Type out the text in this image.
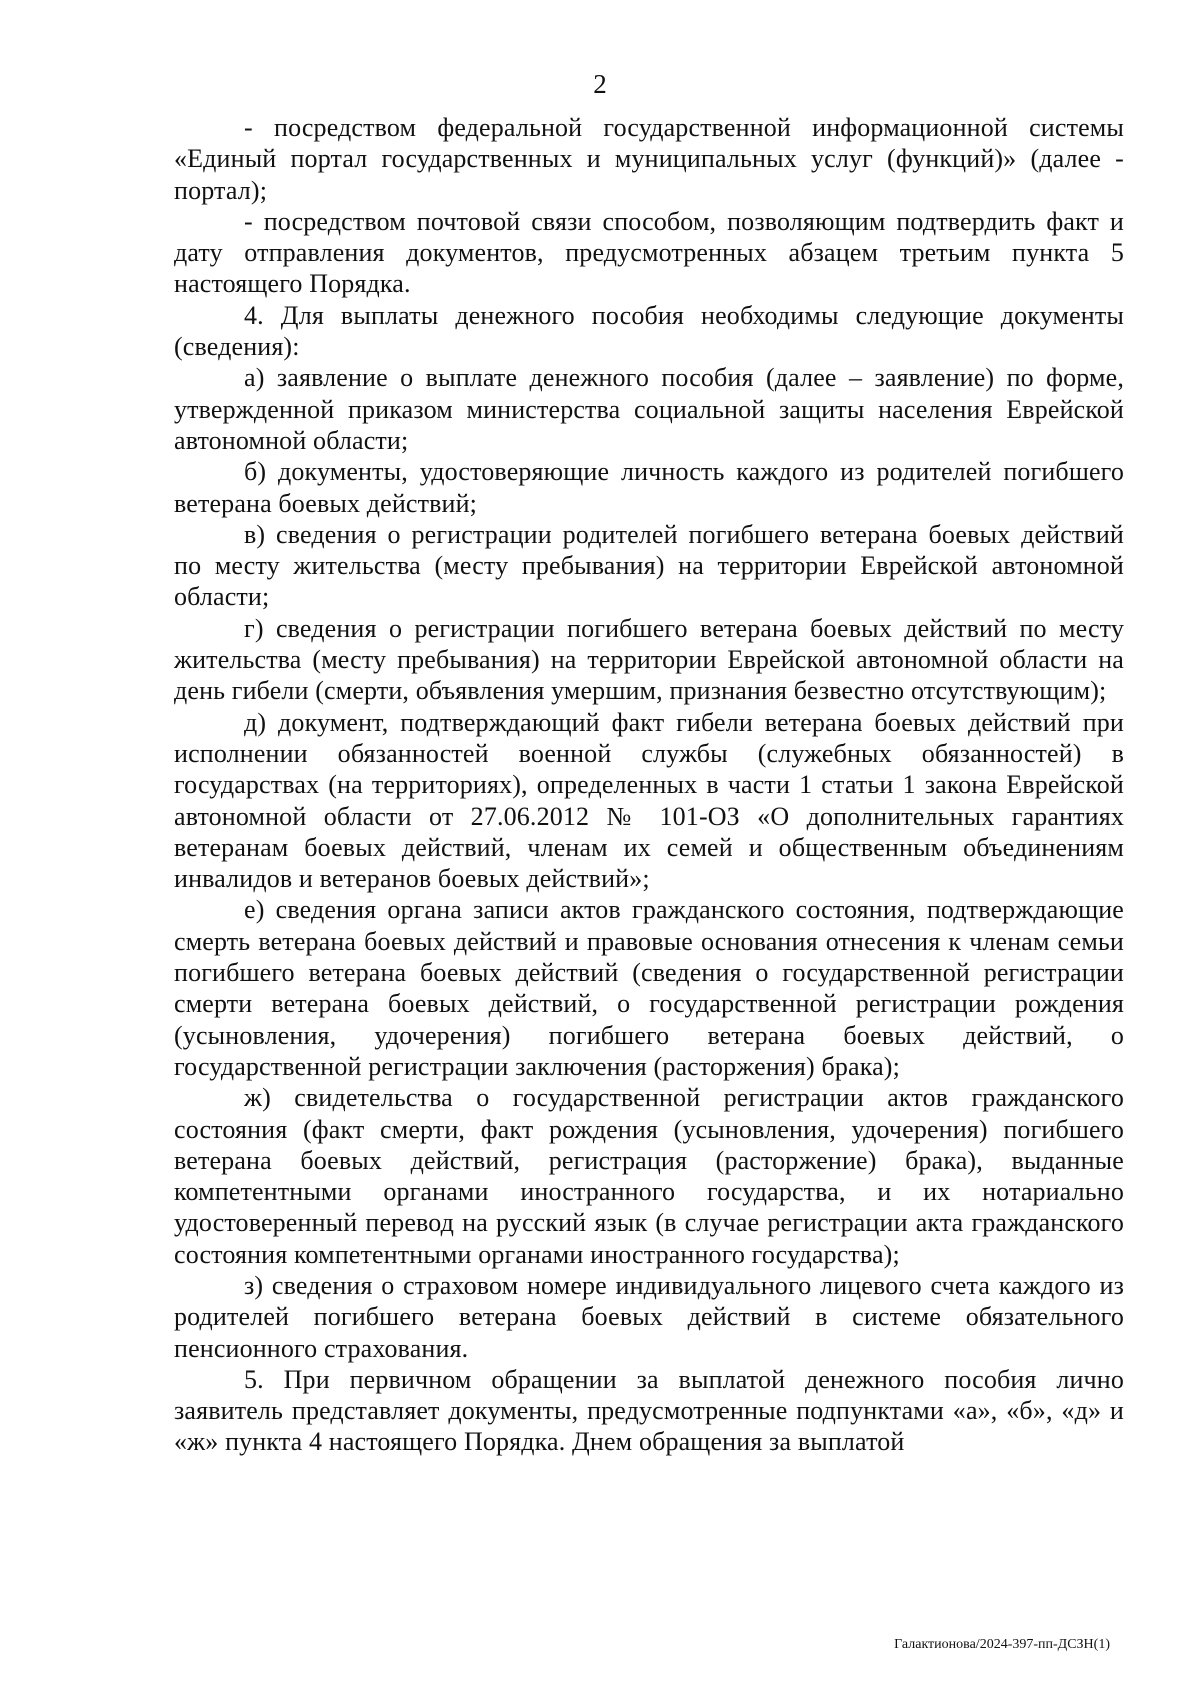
2

- посредством федеральной государственной информационной системы «Единый портал государственных и муниципальных услуг (функций)» (далее - портал);

- посредством почтовой связи способом, позволяющим подтвердить факт и дату отправления документов, предусмотренных абзацем третьим пункта 5 настоящего Порядка.

4. Для выплаты денежного пособия необходимы следующие документы (сведения):

а) заявление о выплате денежного пособия (далее – заявление) по форме, утвержденной приказом министерства социальной защиты населения Еврейской автономной области;

б) документы, удостоверяющие личность каждого из родителей погибшего ветерана боевых действий;

в) сведения о регистрации родителей погибшего ветерана боевых действий по месту жительства (месту пребывания) на территории Еврейской автономной области;

г) сведения о регистрации погибшего ветерана боевых действий по месту жительства (месту пребывания) на территории Еврейской автономной области на день гибели (смерти, объявления умершим, признания безвестно отсутствующим);

д) документ, подтверждающий факт гибели ветерана боевых действий при исполнении обязанностей военной службы (служебных обязанностей) в государствах (на территориях), определенных в части 1 статьи 1 закона Еврейской автономной области от 27.06.2012 № 101-ОЗ «О дополнительных гарантиях ветеранам боевых действий, членам их семей и общественным объединениям инвалидов и ветеранов боевых действий»;

е) сведения органа записи актов гражданского состояния, подтверждающие смерть ветерана боевых действий и правовые основания отнесения к членам семьи погибшего ветерана боевых действий (сведения о государственной регистрации смерти ветерана боевых действий, о государственной регистрации рождения (усыновления, удочерения) погибшего ветерана боевых действий, о государственной регистрации заключения (расторжения) брака);

ж) свидетельства о государственной регистрации актов гражданского состояния (факт смерти, факт рождения (усыновления, удочерения) погибшего ветерана боевых действий, регистрация (расторжение) брака), выданные компетентными органами иностранного государства, и их нотариально удостоверенный перевод на русский язык (в случае регистрации акта гражданского состояния компетентными органами иностранного государства);

з) сведения о страховом номере индивидуального лицевого счета каждого из родителей погибшего ветерана боевых действий в системе обязательного пенсионного страхования.

5. При первичном обращении за выплатой денежного пособия лично заявитель представляет документы, предусмотренные подпунктами «а», «б», «д» и «ж» пункта 4 настоящего Порядка. Днем обращения за выплатой

Галактионова/2024-397-пп-ДСЗН(1)
